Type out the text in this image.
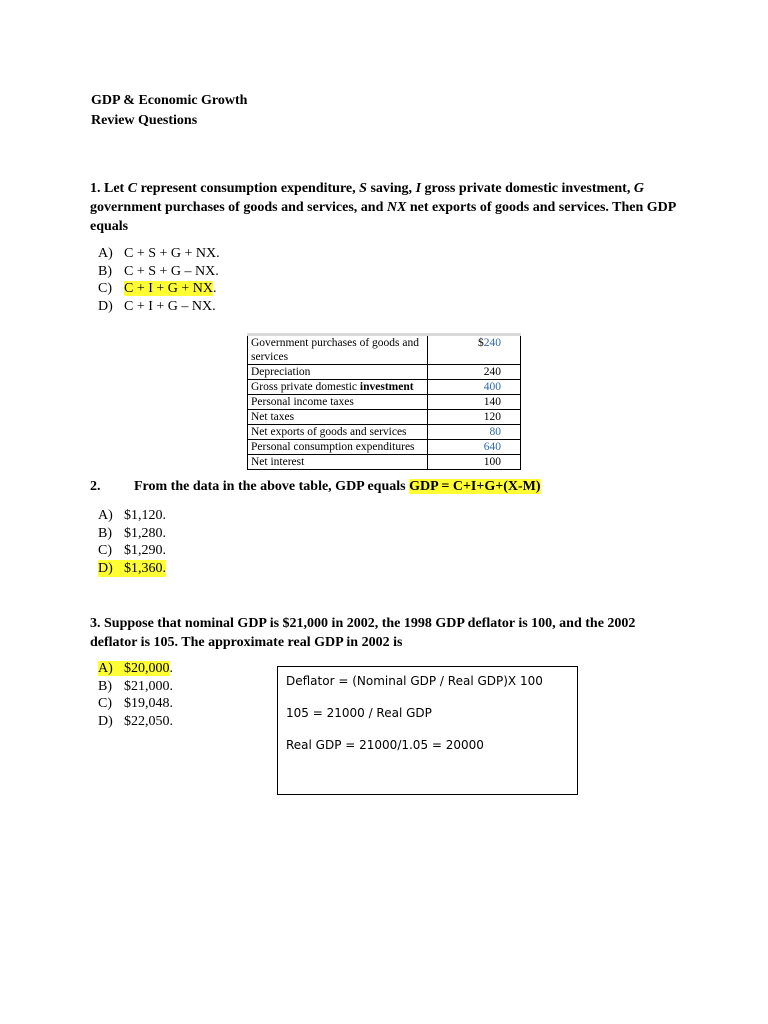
GDP & Economic Growth
Review Questions
1. Let C represent consumption expenditure, S saving, I gross private domestic investment, G government purchases of goods and services, and NX net exports of goods and services. Then GDP equals
A) C + S + G + NX.
B) C + S + G – NX.
C) C + I + G + NX.
D) C + I + G – NX.
Government purchases of goods and services	$240
Depreciation	240
Gross private domestic investment	400
Personal income taxes	140
Net taxes	120
Net exports of goods and services	80
Personal consumption expenditures	640
Net interest	100
2. From the data in the above table, GDP equals GDP = C+I+G+(X-M)
A) $1,120.
B) $1,280.
C) $1,290.
D) $1,360.
3. Suppose that nominal GDP is $21,000 in 2002, the 1998 GDP deflator is 100, and the 2002 deflator is 105. The approximate real GDP in 2002 is
A) $20,000.
B) $21,000.
C) $19,048.
D) $22,050.
Deflator = (Nominal GDP / Real GDP)X 100
105 = 21000 / Real GDP
Real GDP = 21000/1.05 = 20000
